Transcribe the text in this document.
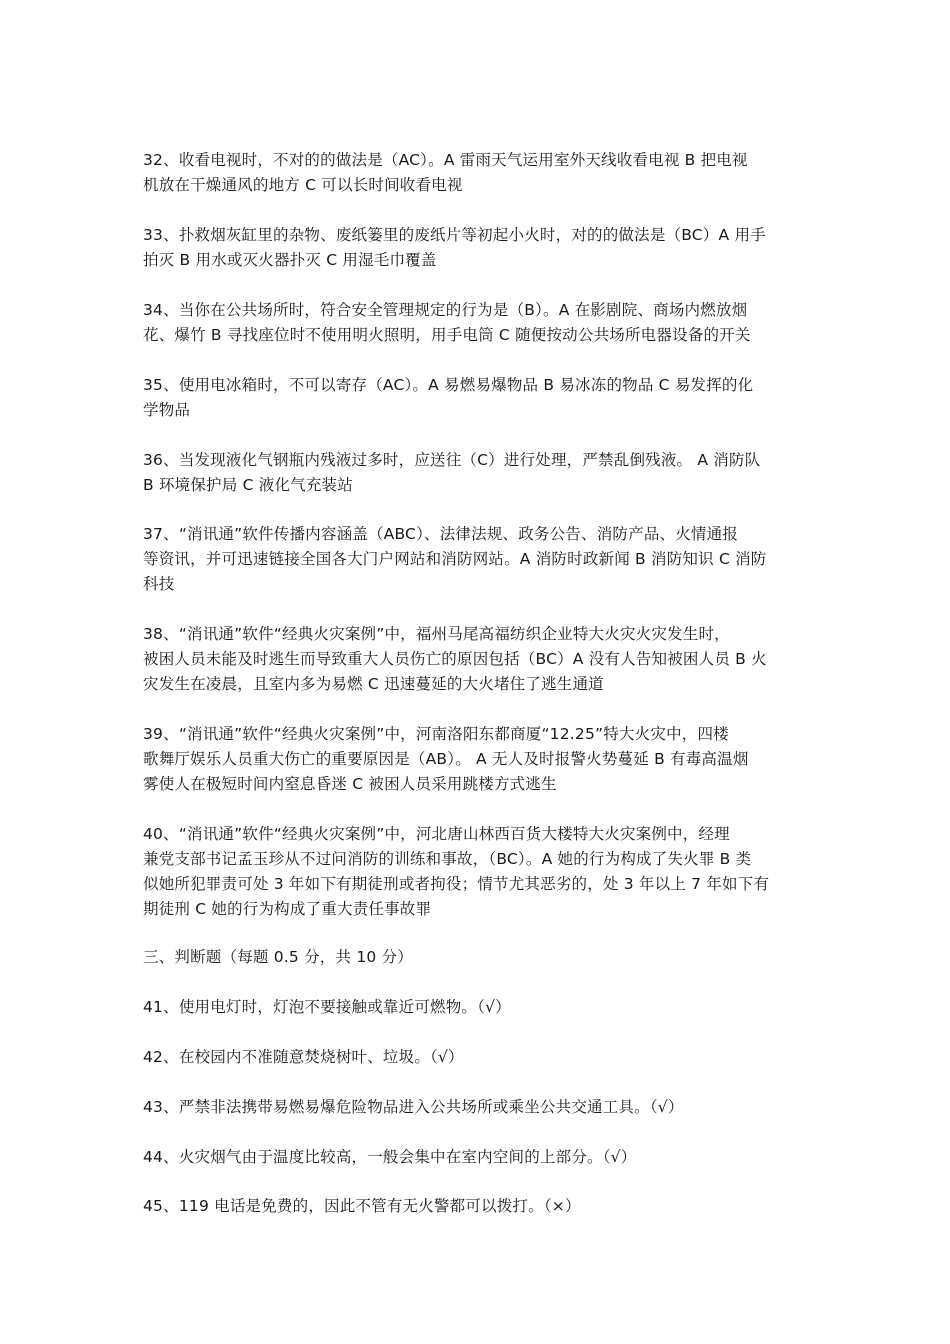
32、收看电视时，不对的的做法是（AC）。A 雷雨天气运用室外天线收看电视 B 把电视
机放在干燥通风的地方 C 可以长时间收看电视
33、扑救烟灰缸里的杂物、废纸篓里的废纸片等初起小火时，对的的做法是（BC）A 用手
拍灭 B 用水或灭火器扑灭 C 用湿毛巾覆盖
34、当你在公共场所时，符合安全管理规定的行为是（B）。A 在影剧院、商场内燃放烟
花、爆竹 B 寻找座位时不使用明火照明，用手电筒 C 随便按动公共场所电器设备的开关
35、使用电冰箱时，不可以寄存（AC）。A 易燃易爆物品 B 易冰冻的物品 C 易发挥的化
学物品
36、当发现液化气钢瓶内残液过多时，应送往（C）进行处理，严禁乱倒残液。 A 消防队
B 环境保护局 C 液化气充装站
37、“消讯通”软件传播内容涵盖（ABC）、法律法规、政务公告、消防产品、火情通报
等资讯，并可迅速链接全国各大门户网站和消防网站。A 消防时政新闻 B 消防知识 C 消防
科技
38、“消讯通”软件“经典火灾案例”中，福州马尾高福纺织企业特大火灾火灾发生时，
被困人员未能及时逃生而导致重大人员伤亡的原因包括（BC）A 没有人告知被困人员 B 火
灾发生在凌晨，且室内多为易燃 C 迅速蔓延的大火堵住了逃生通道
39、“消讯通”软件“经典火灾案例”中，河南洛阳东都商厦“12.25”特大火灾中，四楼
歌舞厅娱乐人员重大伤亡的重要原因是（AB）。 A 无人及时报警火势蔓延 B 有毒高温烟
雾使人在极短时间内窒息昏迷 C 被困人员采用跳楼方式逃生
40、“消讯通”软件“经典火灾案例”中，河北唐山林西百货大楼特大火灾案例中，经理
兼党支部书记孟玉珍从不过问消防的训练和事故，（BC）。A 她的行为构成了失火罪 B 类
似她所犯罪责可处 3 年如下有期徒刑或者拘役；情节尤其恶劣的，处 3 年以上 7 年如下有
期徒刑 C 她的行为构成了重大责任事故罪
三、判断题（每题 0.5 分，共 10 分）
41、使用电灯时，灯泡不要接触或靠近可燃物。（√）
42、在校园内不准随意焚烧树叶、垃圾。（√）
43、严禁非法携带易燃易爆危险物品进入公共场所或乘坐公共交通工具。（√）
44、火灾烟气由于温度比较高，一般会集中在室内空间的上部分。（√）
45、119 电话是免费的，因此不管有无火警都可以拨打。（×）
